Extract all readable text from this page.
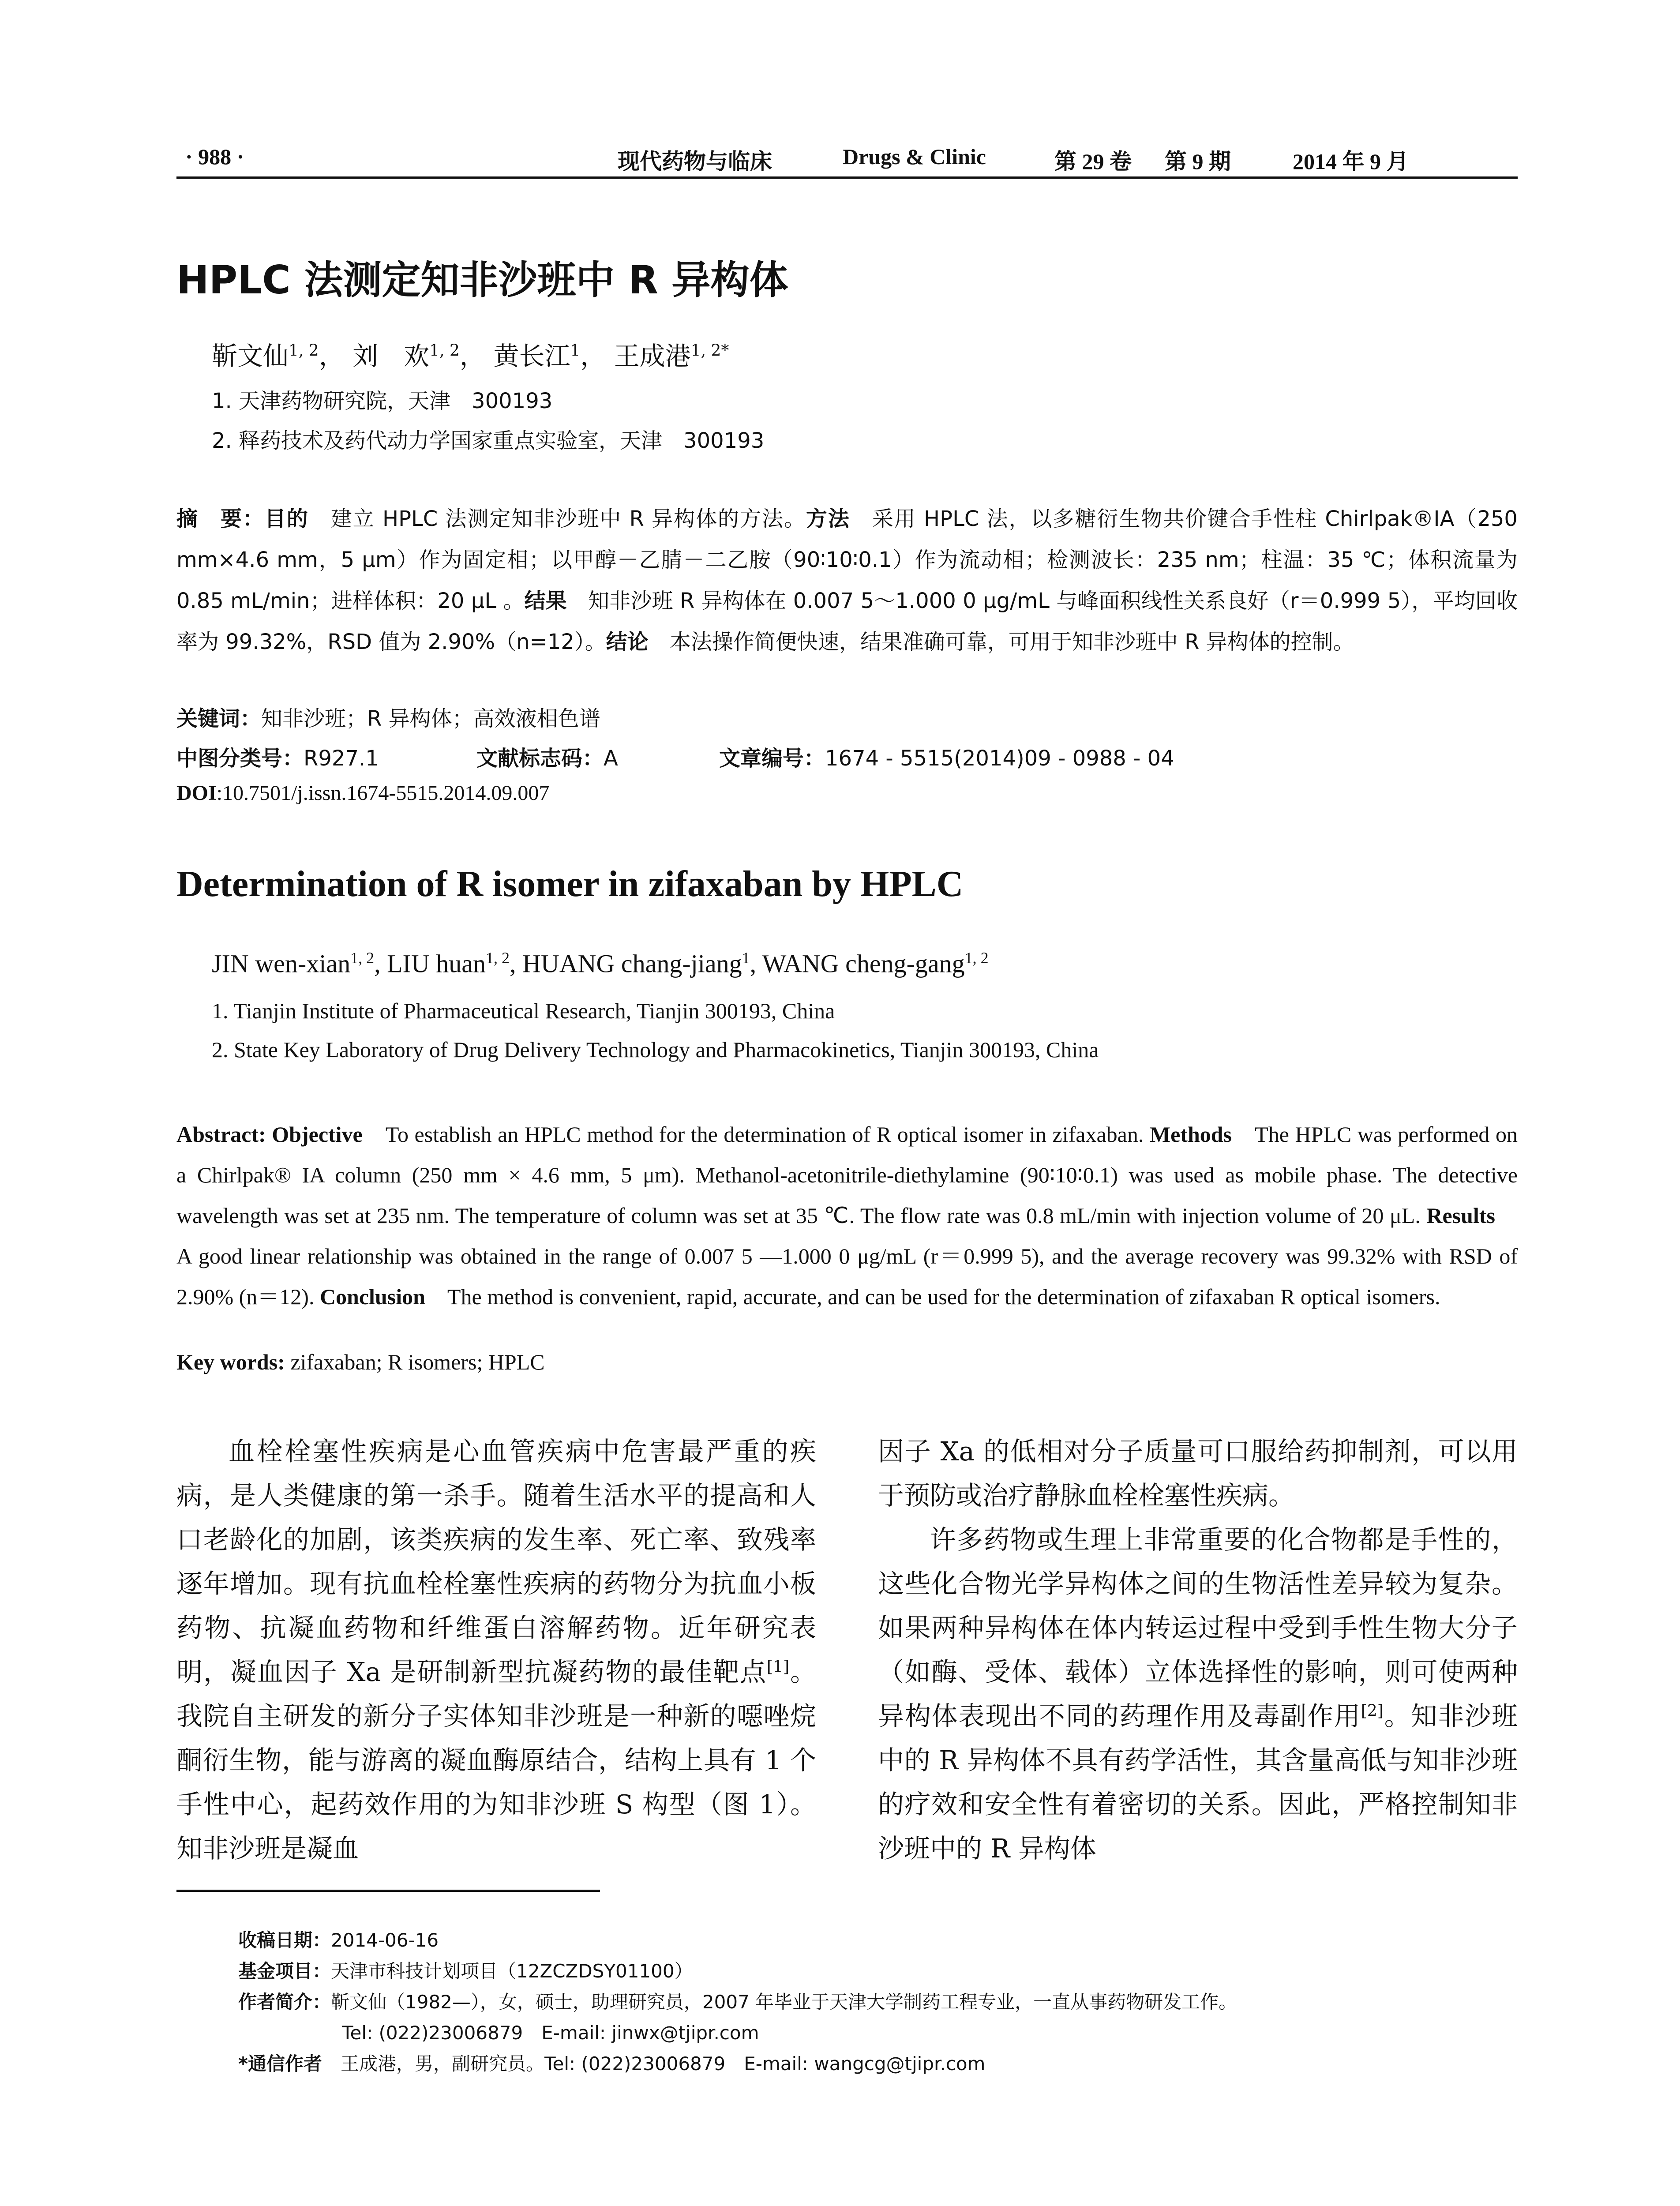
· 988 ·	现代药物与临床	Drugs & Clinic	第 29 卷 第 9 期	2014 年 9 月
HPLC 法测定知非沙班中 R 异构体
靳文仙$^{1, 2}$， 刘　欢$^{1, 2}$， 黄长江$^1$， 王成港$^{1, 2*}$
1. 天津药物研究院，天津　300193
2. 释药技术及药代动力学国家重点实验室，天津　300193
摘　要：目的　建立 HPLC 法测定知非沙班中 R 异构体的方法。方法　采用 HPLC 法，以多糖衍生物共价键合手性柱 Chirlpak®IA（250 mm×4.6 mm，5 μm）作为固定相；以甲醇－乙腈－二乙胺（90∶10∶0.1）作为流动相；检测波长：235 nm；柱温：35 ℃；体积流量为 0.85 mL/min；进样体积：20 μL 。结果　知非沙班 R 异构体在 0.007 5～1.000 0 μg/mL 与峰面积线性关系良好（r＝0.999 5），平均回收率为 99.32%，RSD 值为 2.90%（n=12）。结论　本法操作简便快速，结果准确可靠，可用于知非沙班中 R 异构体的控制。
关键词：知非沙班；R 异构体；高效液相色谱
中图分类号：R927.1	文献标志码：A	文章编号：1674 - 5515(2014)09 - 0988 - 04
DOI:10.7501/j.issn.1674-5515.2014.09.007
Determination of R isomer in zifaxaban by HPLC
JIN wen-xian$^{1, 2}$, LIU huan$^{1, 2}$, HUANG chang-jiang$^1$, WANG cheng-gang$^{1, 2}$
1. Tianjin Institute of Pharmaceutical Research, Tianjin 300193, China
2. State Key Laboratory of Drug Delivery Technology and Pharmacokinetics, Tianjin 300193, China
Abstract: Objective　To establish an HPLC method for the determination of R optical isomer in zifaxaban. Methods　The HPLC was performed on a Chirlpak® IA column (250 mm × 4.6 mm, 5 μm). Methanol-acetonitrile-diethylamine (90∶10∶0.1) was used as mobile phase. The detective wavelength was set at 235 nm. The temperature of column was set at 35 ℃. The flow rate was 0.8 mL/min with injection volume of 20 μL. Results　A good linear relationship was obtained in the range of 0.007 5 —1.000 0 μg/mL (r＝0.999 5), and the average recovery was 99.32% with RSD of 2.90% (n＝12). Conclusion　The method is convenient, rapid, accurate, and can be used for the determination of zifaxaban R optical isomers.
Key words: zifaxaban; R isomers; HPLC

血栓栓塞性疾病是心血管疾病中危害最严重的疾病，是人类健康的第一杀手。随着生活水平的提高和人口老龄化的加剧，该类疾病的发生率、死亡率、致残率逐年增加。现有抗血栓栓塞性疾病的药物分为抗血小板药物、抗凝血药物和纤维蛋白溶解药物。近年研究表明，凝血因子 Xa 是研制新型抗凝药物的最佳靶点[1]。我院自主研发的新分子实体知非沙班是一种新的噁唑烷酮衍生物，能与游离的凝血酶原结合，结构上具有 1 个手性中心，起药效作用的为知非沙班 S 构型（图 1）。知非沙班是凝血

因子 Xa 的低相对分子质量可口服给药抑制剂，可以用于预防或治疗静脉血栓栓塞性疾病。

许多药物或生理上非常重要的化合物都是手性的，这些化合物光学异构体之间的生物活性差异较为复杂。如果两种异构体在体内转运过程中受到手性生物大分子（如酶、受体、载体）立体选择性的影响，则可使两种异构体表现出不同的药理作用及毒副作用[2]。知非沙班中的 R 异构体不具有药学活性，其含量高低与知非沙班的疗效和安全性有着密切的关系。因此，严格控制知非沙班中的 R 异构体

收稿日期：2014-06-16
基金项目：天津市科技计划项目（12ZCZDSY01100）
作者简介：靳文仙（1982—），女，硕士，助理研究员，2007 年毕业于天津大学制药工程专业，一直从事药物研发工作。
Tel: (022)23006879　E-mail: jinwx@tjipr.com
*通信作者　王成港，男，副研究员。Tel: (022)23006879　E-mail: wangcg@tjipr.com
